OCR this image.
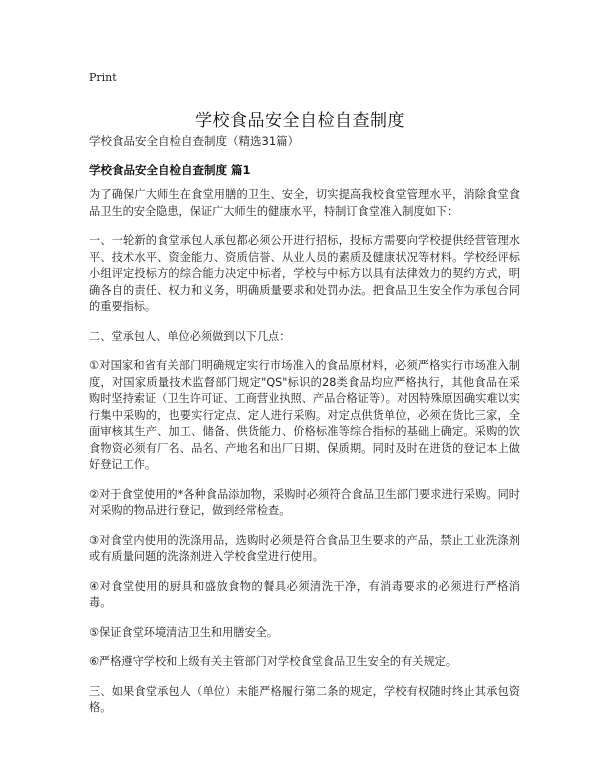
Print
学校食品安全自检自查制度
学校食品安全自检自查制度（精选31篇）
学校食品安全自检自查制度 篇1

为了确保广大师生在食堂用膳的卫生、安全，切实提高我校食堂管理水平，消除食堂食品卫生的安全隐患，保证广大师生的健康水平，特制订食堂准入制度如下：

一、一轮新的食堂承包人承包都必须公开进行招标，投标方需要向学校提供经营管理水平、技术水平、资金能力、资质信誉、从业人员的素质及健康状况等材料。学校经评标小组评定投标方的综合能力决定中标者，学校与中标方以具有法律效力的契约方式，明确各自的责任、权力和义务，明确质量要求和处罚办法。把食品卫生安全作为承包合同的重要指标。

二、堂承包人、单位必须做到以下几点：

①对国家和省有关部门明确规定实行市场准入的食品原材料，必须严格实行市场准入制度，对国家质量技术监督部门规定"QS"标识的28类食品均应严格执行，其他食品在采购时坚持索证（卫生许可证、工商营业执照、产品合格证等）。对因特殊原因确实难以实行集中采购的，也要实行定点、定人进行采购。对定点供货单位，必须在货比三家，全面审核其生产、加工、储备、供货能力、价格标准等综合指标的基础上确定。采购的饮食物资必须有厂名、品名、产地名和出厂日期、保质期。同时及时在进货的登记本上做好登记工作。

②对于食堂使用的*各种食品添加物，采购时必须符合食品卫生部门要求进行采购。同时对采购的物品进行登记，做到经常检查。

③对食堂内使用的洗涤用品，选购时必须是符合食品卫生要求的产品，禁止工业洗涤剂或有质量问题的洗涤剂进入学校食堂进行使用。

④对食堂使用的厨具和盛放食物的餐具必须清洗干净，有消毒要求的必须进行严格消毒。

⑤保证食堂环境清洁卫生和用膳安全。

⑥严格遵守学校和上级有关主管部门对学校食堂食品卫生安全的有关规定。

三、如果食堂承包人（单位）未能严格履行第二条的规定，学校有权随时终止其承包资格。
